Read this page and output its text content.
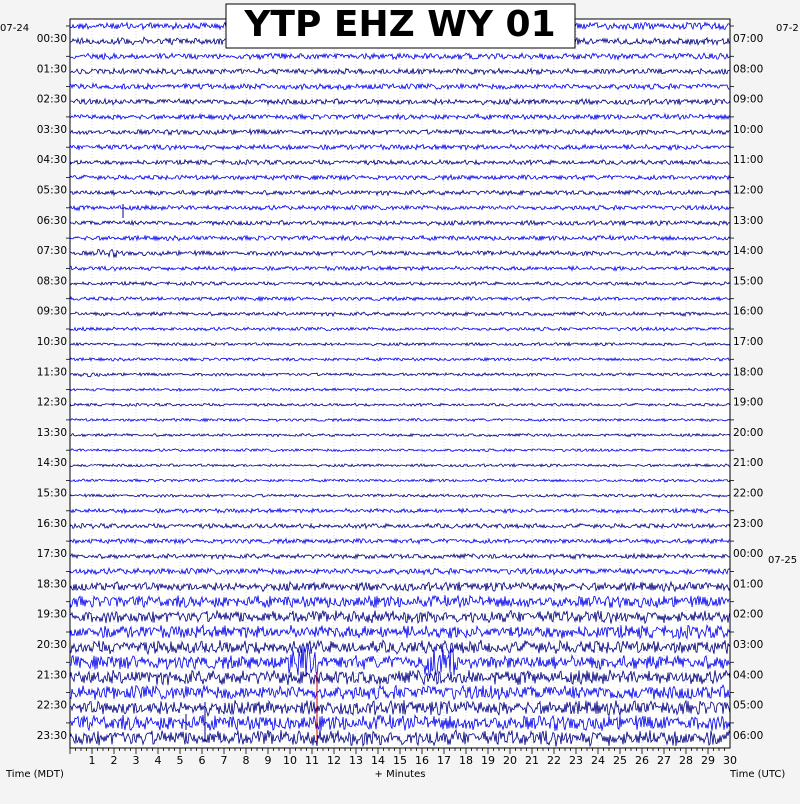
1 2 3 4 5 6 7 8 9 10 11 12 13 14 15 16 17 18 19 20 21 22 23 24 25 26 27 28 29 30
00:30
01:30
02:30
03:30
04:30
05:30
06:30
07:30
08:30
09:30
10:30
11:30
12:30
13:30
14:30
15:30
16:30
17:30
18:30
19:30
20:30
21:30
22:30
23:30
07:00
08:00
09:00
10:00
11:00
12:00
13:00
14:00
15:00
16:00
17:00
18:00
19:00
20:00
21:00
22:00
23:00
00:00
01:00
02:00
03:00
04:00
05:00
06:00
YTP EHZ WY 01
07-24	07-2
07-25
Time (MDT)	+ Minutes	Time (UTC)
